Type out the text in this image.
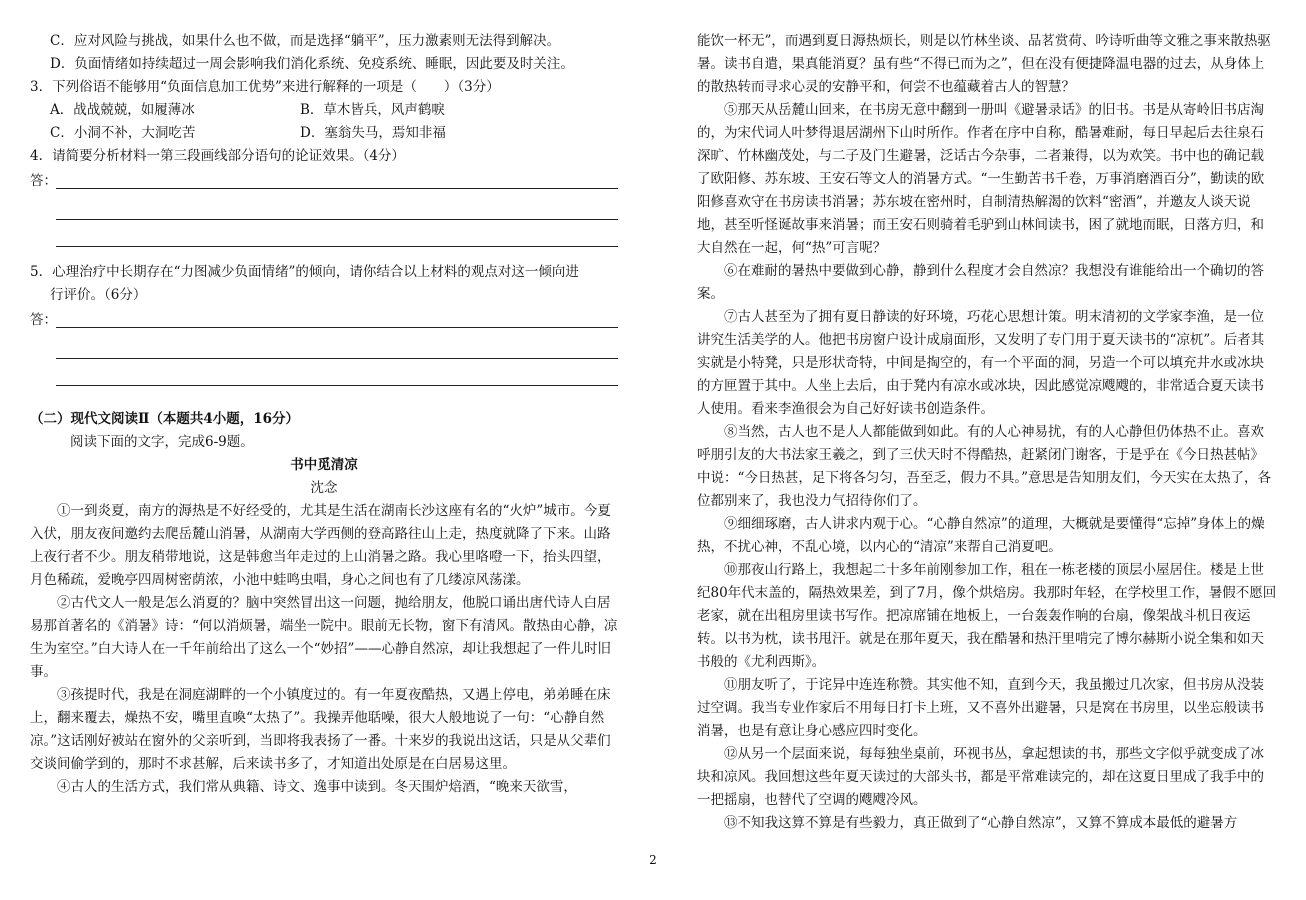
C．应对风险与挑战，如果什么也不做，而是选择“躺平”，压力激素则无法得到解决。

D．负面情绪如持续超过一周会影响我们消化系统、免疫系统、睡眠，因此要及时关注。

3．下列俗语不能够用“负面信息加工优势”来进行解释的一项是（　　）（3分）

A．战战兢兢，如履薄冰	B．草木皆兵，风声鹤唳
C．小洞不补，大洞吃苦	D．塞翁失马，焉知非福

4．请简要分析材料一第三段画线部分语句的论证效果。（4分）

答：

5．心理治疗中长期存在“力图减少负面情绪”的倾向，请你结合以上材料的观点对这一倾向进

行评价。（6分）

答：

（二）现代文阅读Ⅱ（本题共4小题，16分）

阅读下面的文字，完成6-9题。

书中觅清凉

沈念

①一到炎夏，南方的溽热是不好经受的，尤其是生活在湖南长沙这座有名的“火炉”城市。今夏入伏，朋友夜间邀约去爬岳麓山消暑，从湖南大学西侧的登高路往山上走，热度就降了下来。山路上夜行者不少。朋友稍带地说，这是韩愈当年走过的上山消暑之路。我心里咯噔一下，抬头四望，月色稀疏，爱晚亭四周树密荫浓，小池中蛙鸣虫唱，身心之间也有了几缕凉风荡漾。

②古代文人一般是怎么消夏的？脑中突然冒出这一问题，抛给朋友，他脱口诵出唐代诗人白居易那首著名的《消暑》诗：“何以消烦暑，端坐一院中。眼前无长物，窗下有清风。散热由心静，凉生为室空。”白大诗人在一千年前给出了这么一个“妙招”——心静自然凉，却让我想起了一件儿时旧事。

③孩提时代，我是在洞庭湖畔的一个小镇度过的。有一年夏夜酷热，又遇上停电，弟弟睡在床上，翻来覆去，燥热不安，嘴里直喚“太热了”。我操弄他聒噪，很大人般地说了一句：“心静自然凉。”这话刚好被站在窗外的父亲听到，当即将我表扬了一番。十来岁的我说出这话，只是从父辈们交谈间偷学到的，那时不求甚解，后来读书多了，才知道出处原是在白居易这里。

④古人的生活方式，我们常从典籍、诗文、逸事中读到。冬天围炉焙酒，“晚来天欲雪，

能饮一杯无”，而遇到夏日溽热烦长，则是以竹林坐谈、品茗赏荷、吟诗听曲等文雅之事来散热驱暑。读书自遣，果真能消夏？虽有些“不得已而为之”，但在没有便捷降温电器的过去，从身体上的散热转而寻求心灵的安静平和，何尝不也蕴藏着古人的智慧？

⑤那天从岳麓山回来，在书房无意中翻到一册叫《避暑录话》的旧书。书是从寄岭旧书店淘的，为宋代词人叶梦得退居湖州下山时所作。作者在序中自称，酷暑难耐，每日早起后去往泉石深旷、竹林幽茂处，与二子及门生避暑，泛话古今杂事，二者兼得，以为欢笑。书中也的确记载了欧阳修、苏东坡、王安石等文人的消暑方式。“一生勤苦书千卷，万事消磨酒百分”，勤读的欧阳修喜欢守在书房读书消暑；苏东坡在密州时，自制清热解渴的饮料“密酒”，并邀友人谈天说地，甚至听怪诞故事来消暑；而王安石则骑着毛驴到山林间读书，困了就地而眠，日落方归，和大自然在一起，何“热”可言呢？

⑥在难耐的暑热中要做到心静，静到什么程度才会自然凉？我想没有谁能给出一个确切的答案。

⑦古人甚至为了拥有夏日静读的好环境，巧花心思想计策。明末清初的文学家李渔，是一位讲究生活美学的人。他把书房窗户设计成扇面形，又发明了专门用于夏天读书的“凉杌”。后者其实就是小特凳，只是形状奇特，中间是掏空的，有一个平面的洞，另造一个可以填充井水或冰块的方匣置于其中。人坐上去后，由于凳内有凉水或冰块，因此感觉凉飕飕的，非常适合夏天读书人使用。看来李渔很会为自己好好读书创造条件。

⑧当然，古人也不是人人都能做到如此。有的人心神易扰，有的人心静但仍体热不止。喜欢呼朋引友的大书法家王羲之，到了三伏天时不得酷热，赶紧闭门谢客，于是乎在《今日热甚帖》中说：“今日热甚，足下将各匀匀，吾至乏，假力不具。”意思是告知朋友们，今天实在太热了，各位都别来了，我也没力气招待你们了。

⑨细细琢磨，古人讲求内观于心。“心静自然凉”的道理，大概就是要懂得“忘掉”身体上的燥热，不扰心神，不乱心境，以内心的“清凉”来帮自己消夏吧。

⑩那夜山行路上，我想起二十多年前刚参加工作，租在一栋老楼的顶层小屋居住。楼是上世纪80年代末盖的，隔热效果差，到了7月，像个烘焙房。我那时年轻，在学校里工作，暑假不愿回老家，就在出租房里读书写作。把凉席铺在地板上，一台轰轰作响的台扇，像架战斗机日夜运转。以书为枕，读书甩汗。就是在那年夏天，我在酷暑和热汗里啃完了博尔赫斯小说全集和如天书般的《尤利西斯》。

⑪朋友听了，于诧异中连连称赞。其实他不知，直到今天，我虽搬过几次家，但书房从没装过空调。我当专业作家后不用每日打卡上班，又不喜外出避暑，只是窝在书房里，以坐忘般读书消暑，也是有意让身心感应四时变化。

⑫从另一个层面来说，每每独坐桌前，环视书丛，拿起想读的书，那些文字似乎就变成了冰块和凉风。我回想这些年夏天读过的大部头书，都是平常难读完的，却在这夏日里成了我手中的一把摇扇，也替代了空调的飕飕冷风。

⑬不知我这算不算是有些毅力，真正做到了“心静自然凉”，又算不算成本最低的避暑方

2
